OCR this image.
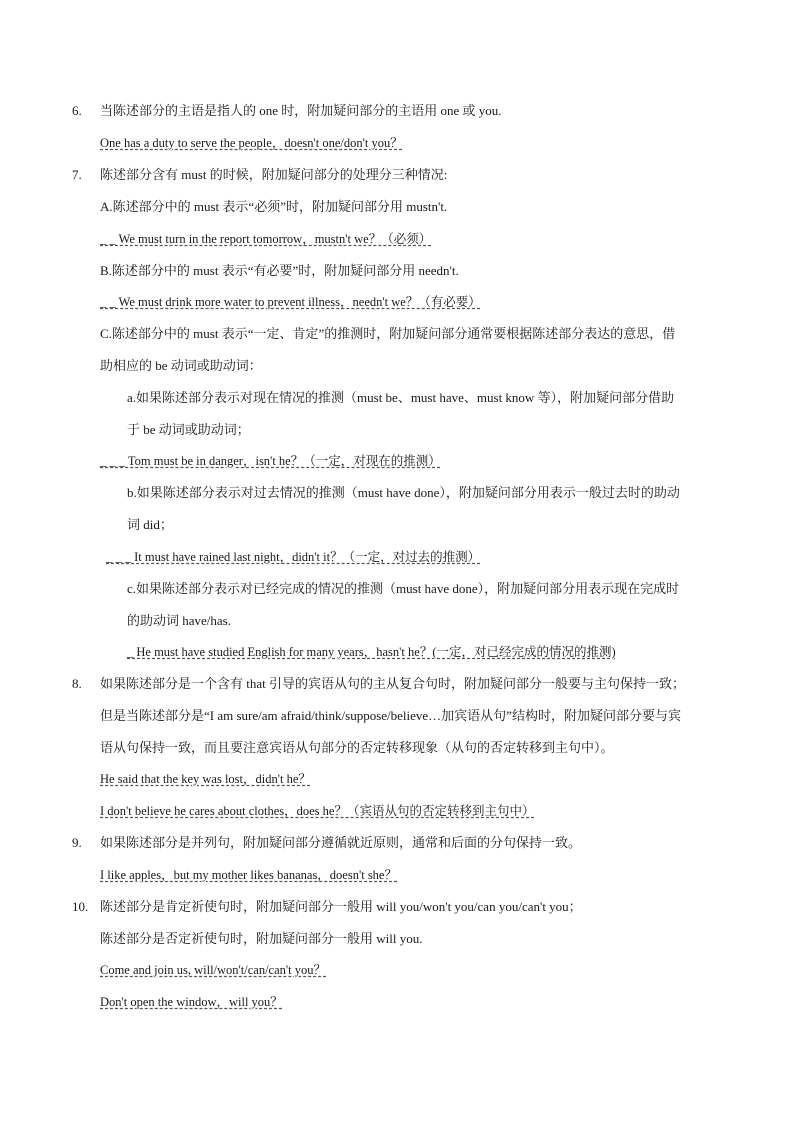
6. 当陈述部分的主语是指人的 one 时，附加疑问部分的主语用 one 或 you.
One has a duty to serve the people，doesn't one/don't you？
7. 陈述部分含有 must 的时候，附加疑问部分的处理分三种情况:
A.陈述部分中的 must 表示“必须”时，附加疑问部分用 mustn't.
_ _ We must turn in the report tomorrow，mustn't we？（必须）
B.陈述部分中的 must 表示“有必要”时，附加疑问部分用 needn't.
_ _ We must drink more water to prevent illness，needn't we？（有必要）
C.陈述部分中的 must 表示“一定、肯定”的推测时，附加疑问部分通常要根据陈述部分表达的意思，借
助相应的 be 动词或助动词：
a.如果陈述部分表示对现在情况的推测（must be、must have、must know 等），附加疑问部分借助
于 be 动词或助动词；
_ _ _ Tom must be in danger，isn't he？（一定，对现在的推测）
b.如果陈述部分表示对过去情况的推测（must have done），附加疑问部分用表示一般过去时的助动
词 did；
_ _ _ It must have rained last night，didn't it？（一定，对过去的推测）
c.如果陈述部分表示对已经完成的情况的推测（must have done），附加疑问部分用表示现在完成时
的助动词 have/has.
_ He must have studied English for many years，hasn't he？(一定，对已经完成的情况的推测)
8. 如果陈述部分是一个含有 that 引导的宾语从句的主从复合句时，附加疑问部分一般要与主句保持一致；
但是当陈述部分是“I am sure/am afraid/think/suppose/believe…加宾语从句”结构时，附加疑问部分要与宾
语从句保持一致，而且要注意宾语从句部分的否定转移现象（从句的否定转移到主句中）。
He said that the key was lost，didn't he？
I don't believe he cares about clothes，does he？（宾语从句的否定转移到主句中）
9. 如果陈述部分是并列句，附加疑问部分遵循就近原则，通常和后面的分句保持一致。
I like apples，but my mother likes bananas，doesn't she？
10. 陈述部分是肯定祈使句时，附加疑问部分一般用 will you/won't you/can you/can't you；
陈述部分是否定祈使句时，附加疑问部分一般用 will you.
Come and join us, will/won't/can/can't you？
Don't open the window，will you？
